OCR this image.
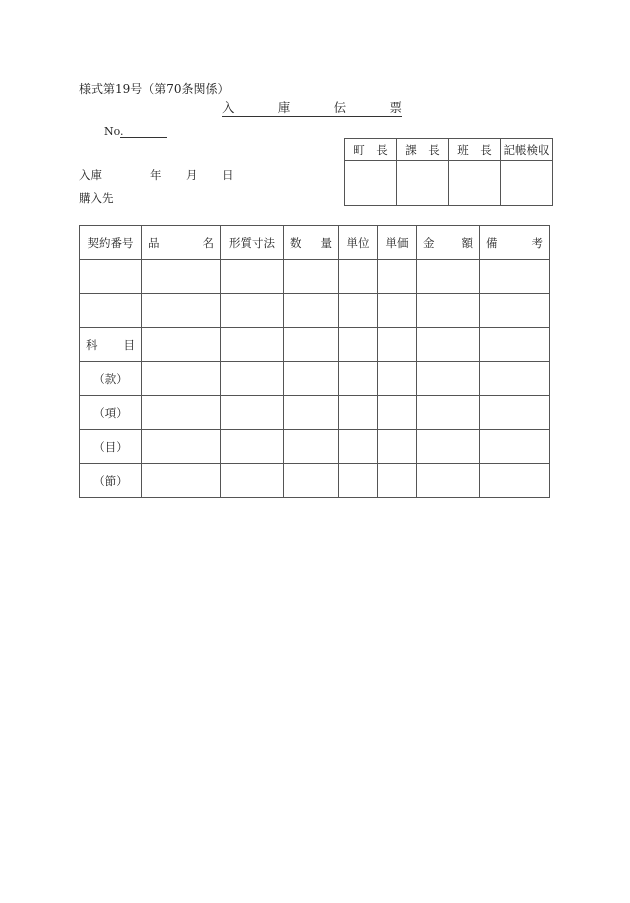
様式第19号（第70条関係）
入	庫	伝	票
No.
入庫	年 月 日
購入先
町　長	課　長	班　長	記帳検収

契約番号	品 名	形質寸法	数 量	単位	単価	金 額	備 考

科 目							

（款）							
（項）							
（目）							
（節）							
